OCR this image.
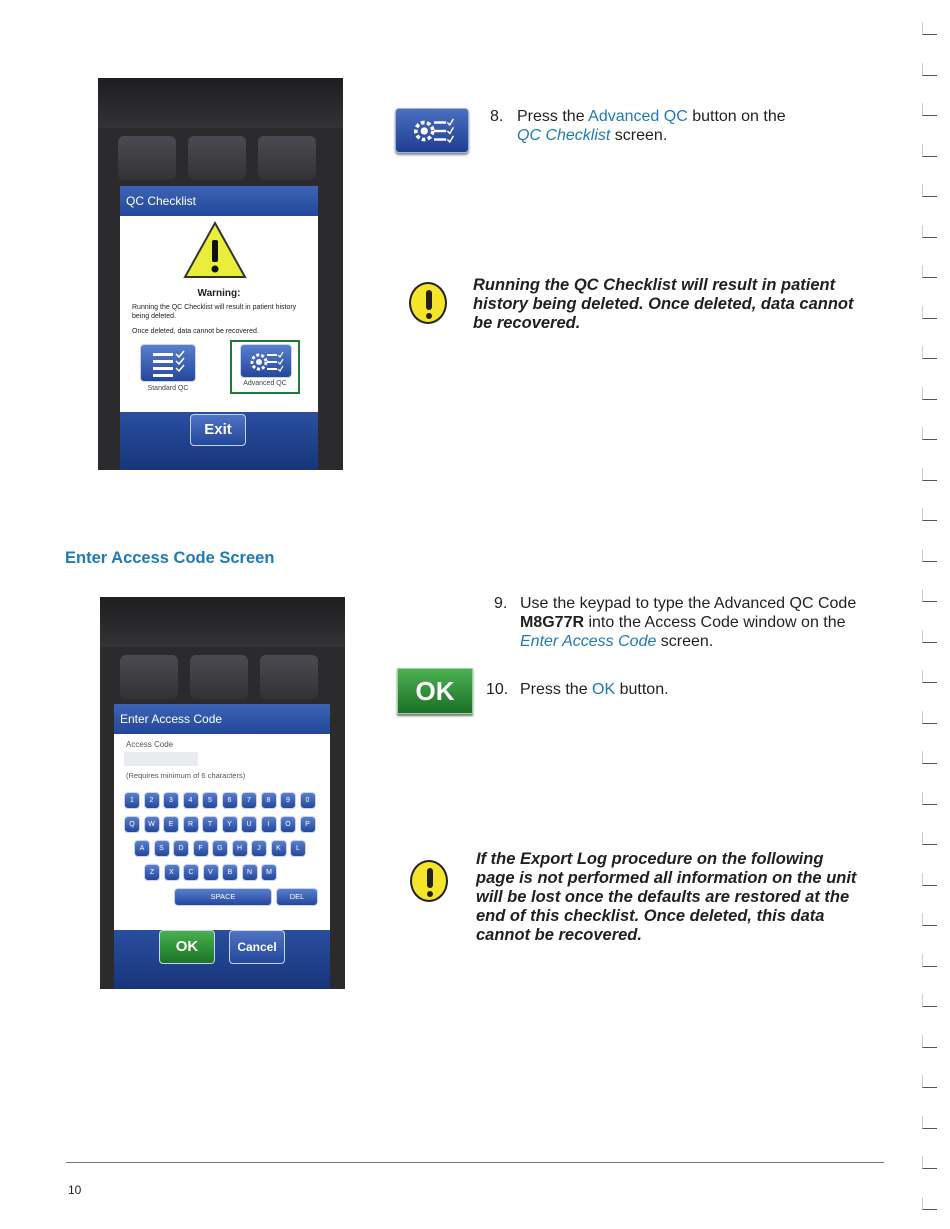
QC Checklist
Warning:
Running the QC Checklist will result in patient history being deleted.
Once deleted, data cannot be recovered.
Standard QC
Advanced QC
Exit
8. Press the Advanced QC button on the
QC Checklist screen.
Running the QC Checklist will result in patient history being deleted. Once deleted, data cannot be recovered.
Enter Access Code Screen
Enter Access Code
Access Code
(Requires minimum of 6 characters)
1	2	3	4	5	6	7	8	9	0
Q	W	E	R	T	Y	U	I	O	P
A	S	D	F	G	H	J	K	L
Z	X	C	V	B	N	M
SPACE	DEL
OK	Cancel
9. Use the keypad to type the Advanced QC Code
M8G77R into the Access Code window on the
Enter Access Code screen.
OK	10. Press the OK button.
If the Export Log procedure on the following page is not performed all information on the unit will be lost once the defaults are restored at the end of this checklist. Once deleted, this data cannot be recovered.
10
